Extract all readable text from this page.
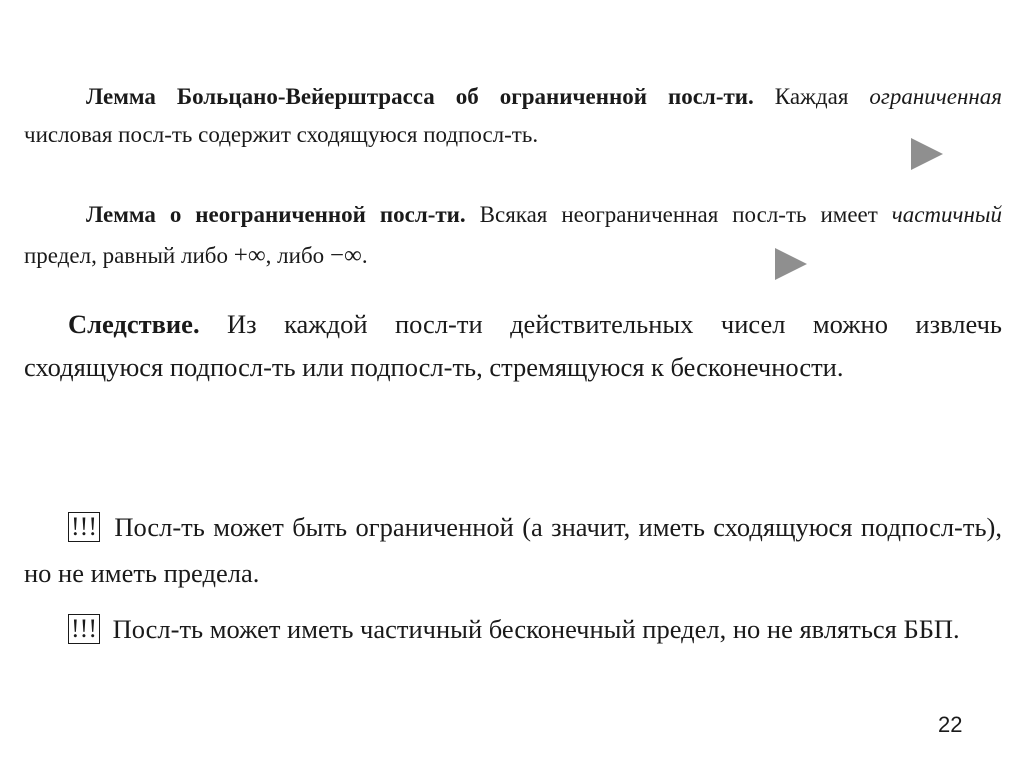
Лемма Больцано-Вейерштрасса об ограниченной посл-ти. Каждая ограниченная числовая посл-ть содержит сходящуюся подпосл-ть.
Лемма о неограниченной посл-ти. Всякая неограниченная посл-ть имеет частичный предел, равный либо +∞, либо −∞.
Следствие. Из каждой посл-ти действительных чисел можно извлечь сходящуюся подпосл-ть или подпосл-ть, стремящуюся к бесконечности.
!!! Посл-ть может быть ограниченной (а значит, иметь сходящуюся подпосл-ть), но не иметь предела.
!!! Посл-ть может иметь частичный бесконечный предел, но не являться ББП.
22
